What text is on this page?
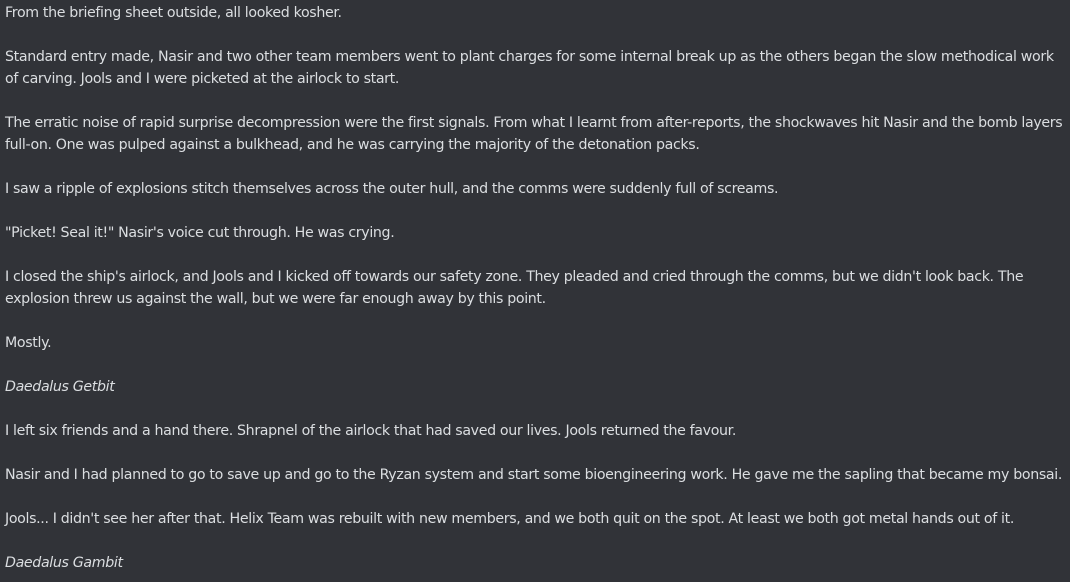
From the briefing sheet outside, all looked kosher.

Standard entry made, Nasir and two other team members went to plant charges for some internal break up as the others began the slow methodical work of carving. Jools and I were picketed at the airlock to start.

The erratic noise of rapid surprise decompression were the first signals. From what I learnt from after-reports, the shockwaves hit Nasir and the bomb layers full-on. One was pulped against a bulkhead, and he was carrying the majority of the detonation packs.

I saw a ripple of explosions stitch themselves across the outer hull, and the comms were suddenly full of screams.

"Picket! Seal it!" Nasir's voice cut through. He was crying.

I closed the ship's airlock, and Jools and I kicked off towards our safety zone. They pleaded and cried through the comms, but we didn't look back. The explosion threw us against the wall, but we were far enough away by this point.

Mostly.

Daedalus Getbit

I left six friends and a hand there. Shrapnel of the airlock that had saved our lives. Jools returned the favour.

Nasir and I had planned to go to save up and go to the Ryzan system and start some bioengineering work. He gave me the sapling that became my bonsai.

Jools... I didn't see her after that. Helix Team was rebuilt with new members, and we both quit on the spot. At least we both got metal hands out of it.

Daedalus Gambit
